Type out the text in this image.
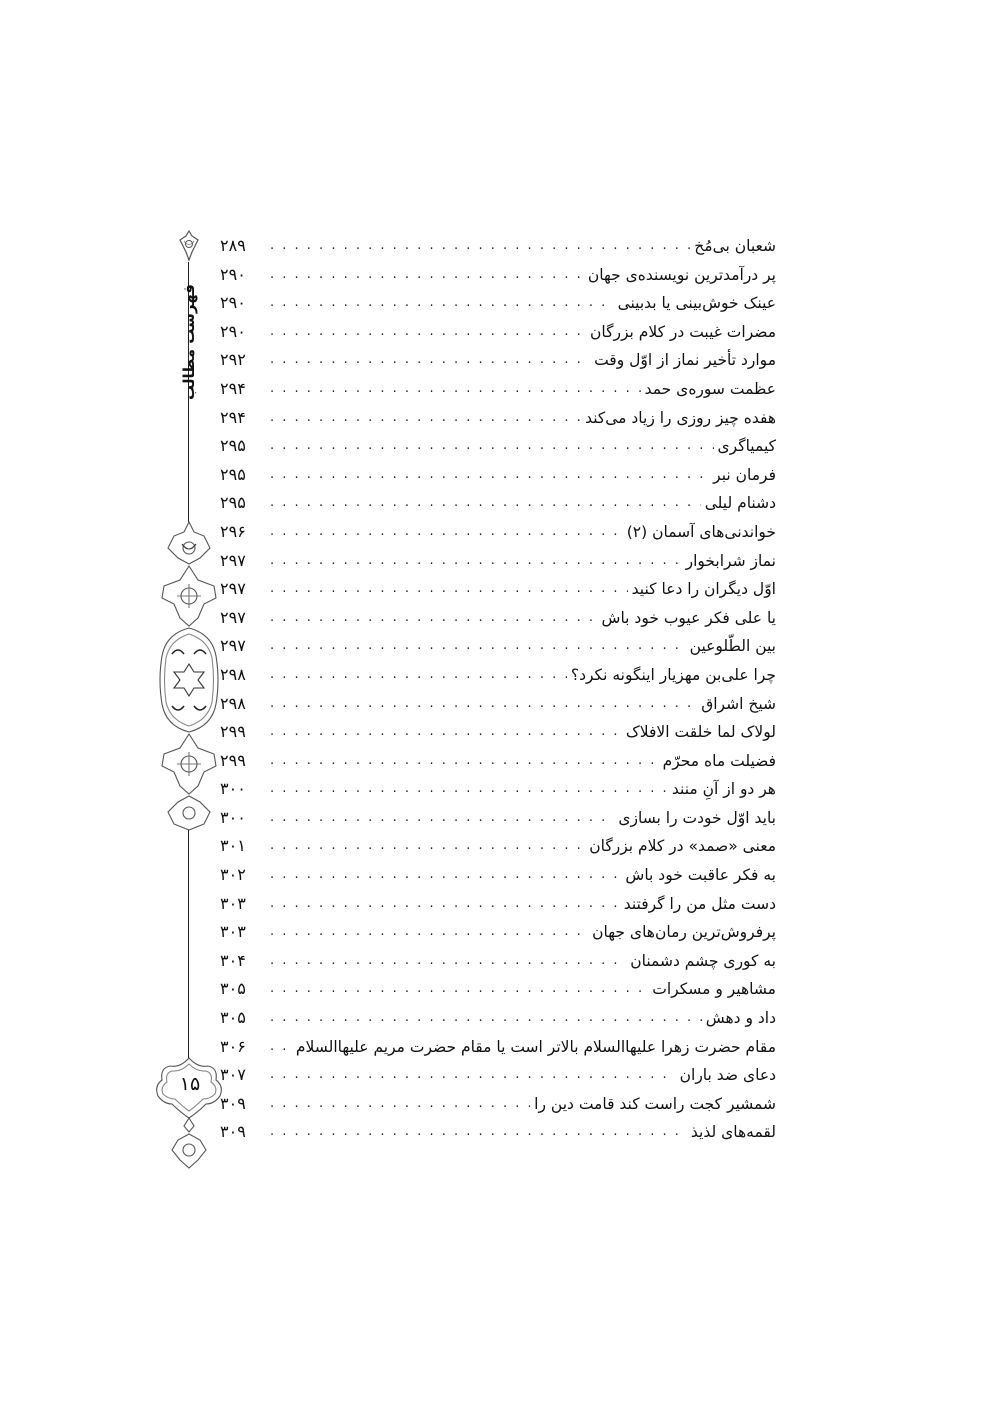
فهرست مطالب
۱۵
شعبان بی‌مُخ
. . .
۲۸۹
پر درآمدترین نویسنده‌ی جهان
. . .
۲۹۰
عینک خوش‌بینی یا بدبینی
. . .
۲۹۰
مضرات غیبت در کلام بزرگان
. . .
۲۹۰
موارد تأخیر نماز از اوّل وقت
. . .
۲۹۲
عظمت سوره‌ی حمد
. . .
۲۹۴
هفده چیز روزی را زیاد می‌کند
. . .
۲۹۴
کیمیاگری
. . .
۲۹۵
فرمان نبر
. . .
۲۹۵
دشنام لیلی
. . .
۲۹۵
خواندنی‌های آسمان (۲)
. . .
۲۹۶
نماز شرابخوار
. . .
۲۹۷
اوّل دیگران را دعا کنید
. . .
۲۹۷
یا علی فکر عیوب خود باش
. . .
۲۹۷
بین الطّلوعین
. . .
۲۹۷
چرا علی‌بن مهزیار اینگونه نکرد؟
. . .
۲۹۸
شیخ اشراق
. . .
۲۹۸
لولاک لما خلقت الافلاک
. . .
۲۹۹
فضیلت ماه محرّم
. . .
۲۹۹
هر دو از آنِ منند
. . .
۳۰۰
باید اوّل خودت را بسازی
. . .
۳۰۰
معنی «صمد» در کلام بزرگان
. . .
۳۰۱
به فکر عاقبت خود باش
. . .
۳۰۲
دست مثل من را گرفتند
. . .
۳۰۳
پرفروش‌ترین رمان‌های جهان
. . .
۳۰۳
به کوری چشم دشمنان
. . .
۳۰۴
مشاهیر و مسکرات
. . .
۳۰۵
داد و دهش
. . .
۳۰۵
مقام حضرت زهرا علیهاالسلام بالاتر است یا مقام حضرت مریم علیهاالسلام
. . .
۳۰۶
دعای ضد باران
. . .
۳۰۷
شمشیر کجت راست کند قامت دین را
. . .
۳۰۹
لقمه‌های لذیذ
. . .
۳۰۹
